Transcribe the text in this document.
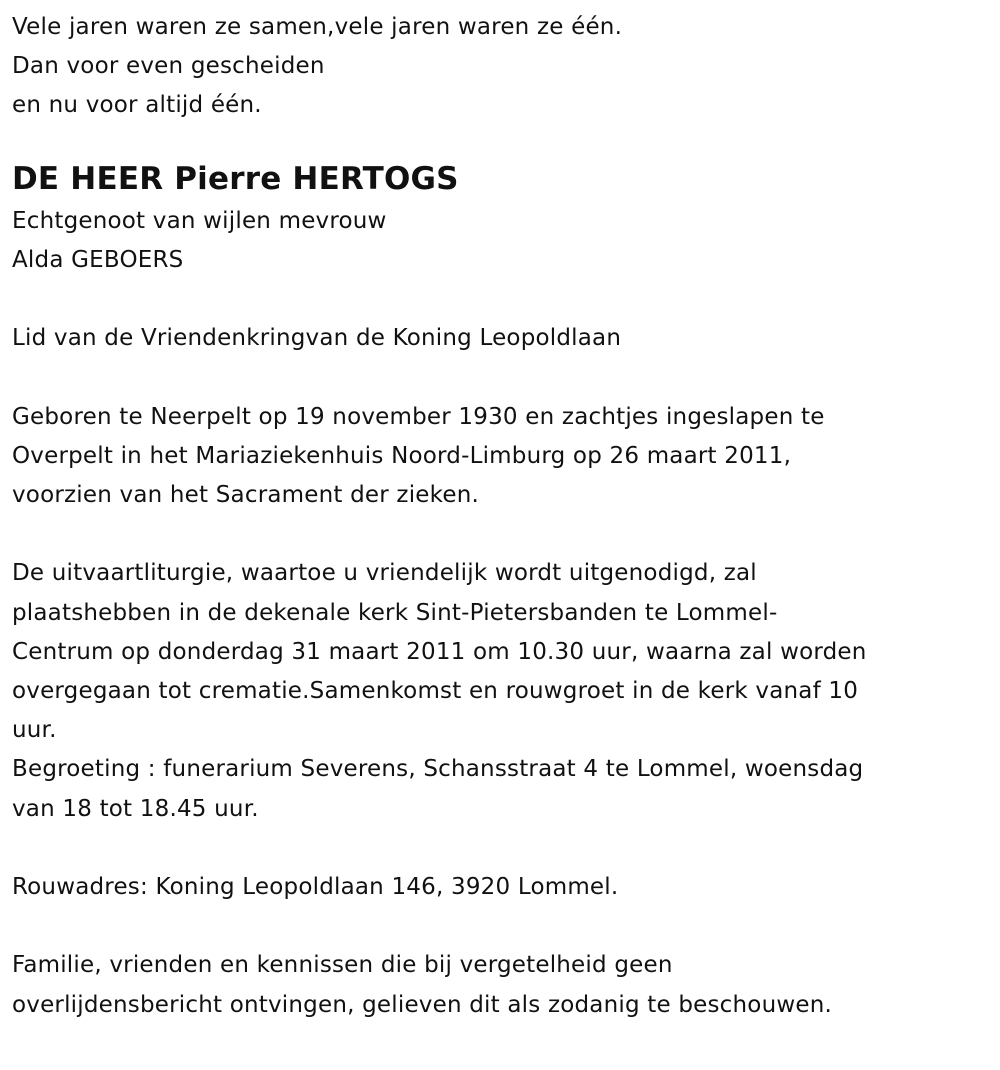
Vele jaren waren ze samen,vele jaren waren ze één.
Dan voor even gescheiden
en nu voor altijd één.
DE HEER Pierre HERTOGS
Echtgenoot van wijlen mevrouw
Alda GEBOERS
Lid van de Vriendenkringvan de Koning Leopoldlaan
Geboren te Neerpelt op 19 november 1930 en zachtjes ingeslapen te
Overpelt in het Mariaziekenhuis Noord-Limburg op 26 maart 2011,
voorzien van het Sacrament der zieken.
De uitvaartliturgie, waartoe u vriendelijk wordt uitgenodigd, zal
plaatshebben in de dekenale kerk Sint-Pietersbanden te Lommel-
Centrum op donderdag 31 maart 2011 om 10.30 uur, waarna zal worden
overgegaan tot crematie.Samenkomst en rouwgroet in de kerk vanaf 10
uur.
Begroeting : funerarium Severens, Schansstraat 4 te Lommel, woensdag
van 18 tot 18.45 uur.
Rouwadres: Koning Leopoldlaan 146, 3920 Lommel.
Familie, vrienden en kennissen die bij vergetelheid geen
overlijdensbericht ontvingen, gelieven dit als zodanig te beschouwen.
